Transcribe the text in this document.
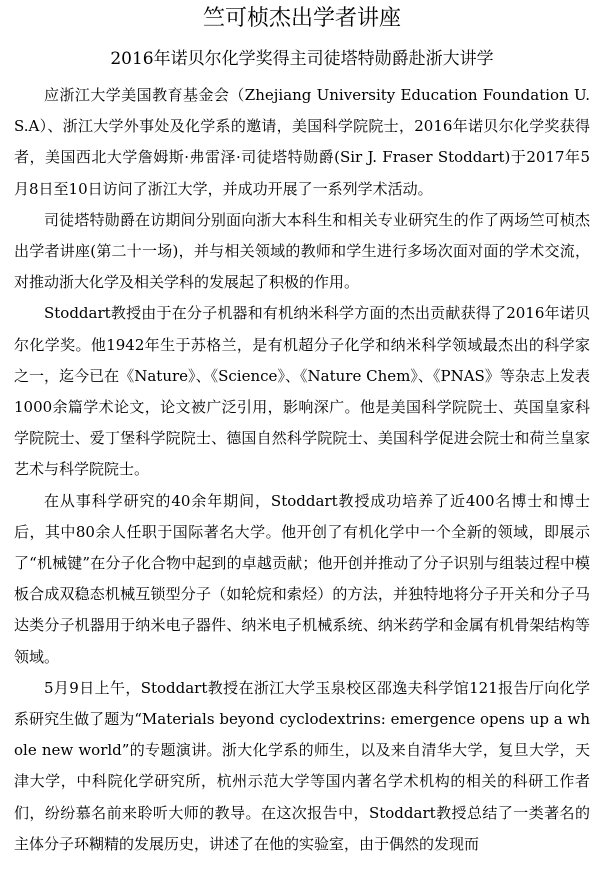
竺可桢杰出学者讲座
2016年诺贝尔化学奖得主司徒塔特勋爵赴浙大讲学

应浙江大学美国教育基金会（Zhejiang University Education Foundation U.S.A）、浙江大学外事处及化学系的邀请，美国科学院院士，2016年诺贝尔化学奖获得者，美国西北大学詹姆斯·弗雷泽·司徒塔特勋爵(Sir J. Fraser Stoddart)于2017年5月8日至10日访问了浙江大学，并成功开展了一系列学术活动。

司徒塔特勋爵在访期间分别面向浙大本科生和相关专业研究生的作了两场竺可桢杰出学者讲座(第二十一场)，并与相关领域的教师和学生进行多场次面对面的学术交流，对推动浙大化学及相关学科的发展起了积极的作用。

Stoddart教授由于在分子机器和有机纳米科学方面的杰出贡献获得了2016年诺贝尔化学奖。他1942年生于苏格兰，是有机超分子化学和纳米科学领域最杰出的科学家之一，迄今已在《Nature》、《Science》、《Nature Chem》、《PNAS》等杂志上发表1000余篇学术论文，论文被广泛引用，影响深广。他是美国科学院院士、英国皇家科学院院士、爱丁堡科学院院士、德国自然科学院院士、美国科学促进会院士和荷兰皇家艺术与科学院院士。

在从事科学研究的40余年期间，Stoddart教授成功培养了近400名博士和博士后，其中80余人任职于国际著名大学。他开创了有机化学中一个全新的领域，即展示了“机械键”在分子化合物中起到的卓越贡献；他开创并推动了分子识别与组装过程中模板合成双稳态机械互锁型分子（如轮烷和索烃）的方法，并独特地将分子开关和分子马达类分子机器用于纳米电子器件、纳米电子机械系统、纳米药学和金属有机骨架结构等领域。

5月9日上午，Stoddart教授在浙江大学玉泉校区邵逸夫科学馆121报告厅向化学系研究生做了题为“Materials beyond cyclodextrins: emergence opens up a whole new world”的专题演讲。浙大化学系的师生，以及来自清华大学，复旦大学，天津大学，中科院化学研究所，杭州示范大学等国内著名学术机构的相关的科研工作者们，纷纷慕名前来聆听大师的教导。在这次报告中，Stoddart教授总结了一类著名的主体分子环糊精的发展历史，讲述了在他的实验室，由于偶然的发现而
